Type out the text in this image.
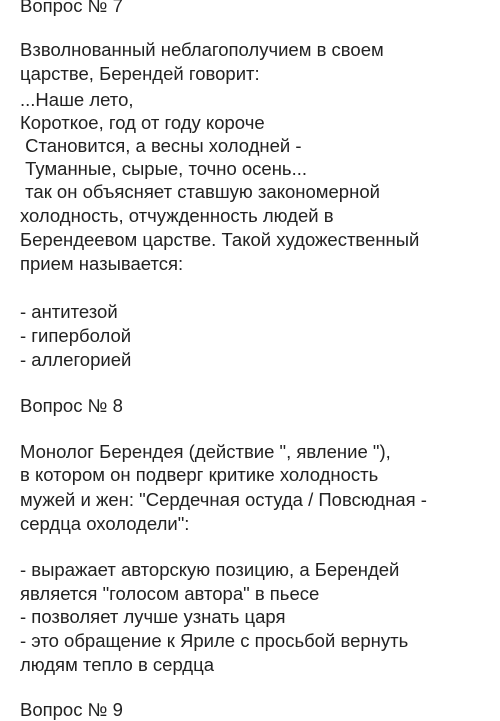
Вопрос № 7

Взволнованный неблагополучием в своем

царстве, Берендей говорит:

...Наше лето,

Короткое, год от году короче

Становится, а весны холодней -

Туманные, сырые, точно осень...

так он объясняет ставшую закономерной

холодность, отчужденность людей в

Берендеевом царстве. Такой художественный

прием называется:

- антитезой

- гиперболой

- аллегорией

Вопрос № 8

Монолог Берендея (действие ", явление "),

в котором он подверг критике холодность

мужей и жен: "Сердечная остуда / Повсюдная -

сердца охолодели":

- выражает авторскую позицию, а Берендей

является "голосом автора" в пьесе

- позволяет лучше узнать царя

- это обращение к Яриле с просьбой вернуть

людям тепло в сердца

Вопрос № 9
